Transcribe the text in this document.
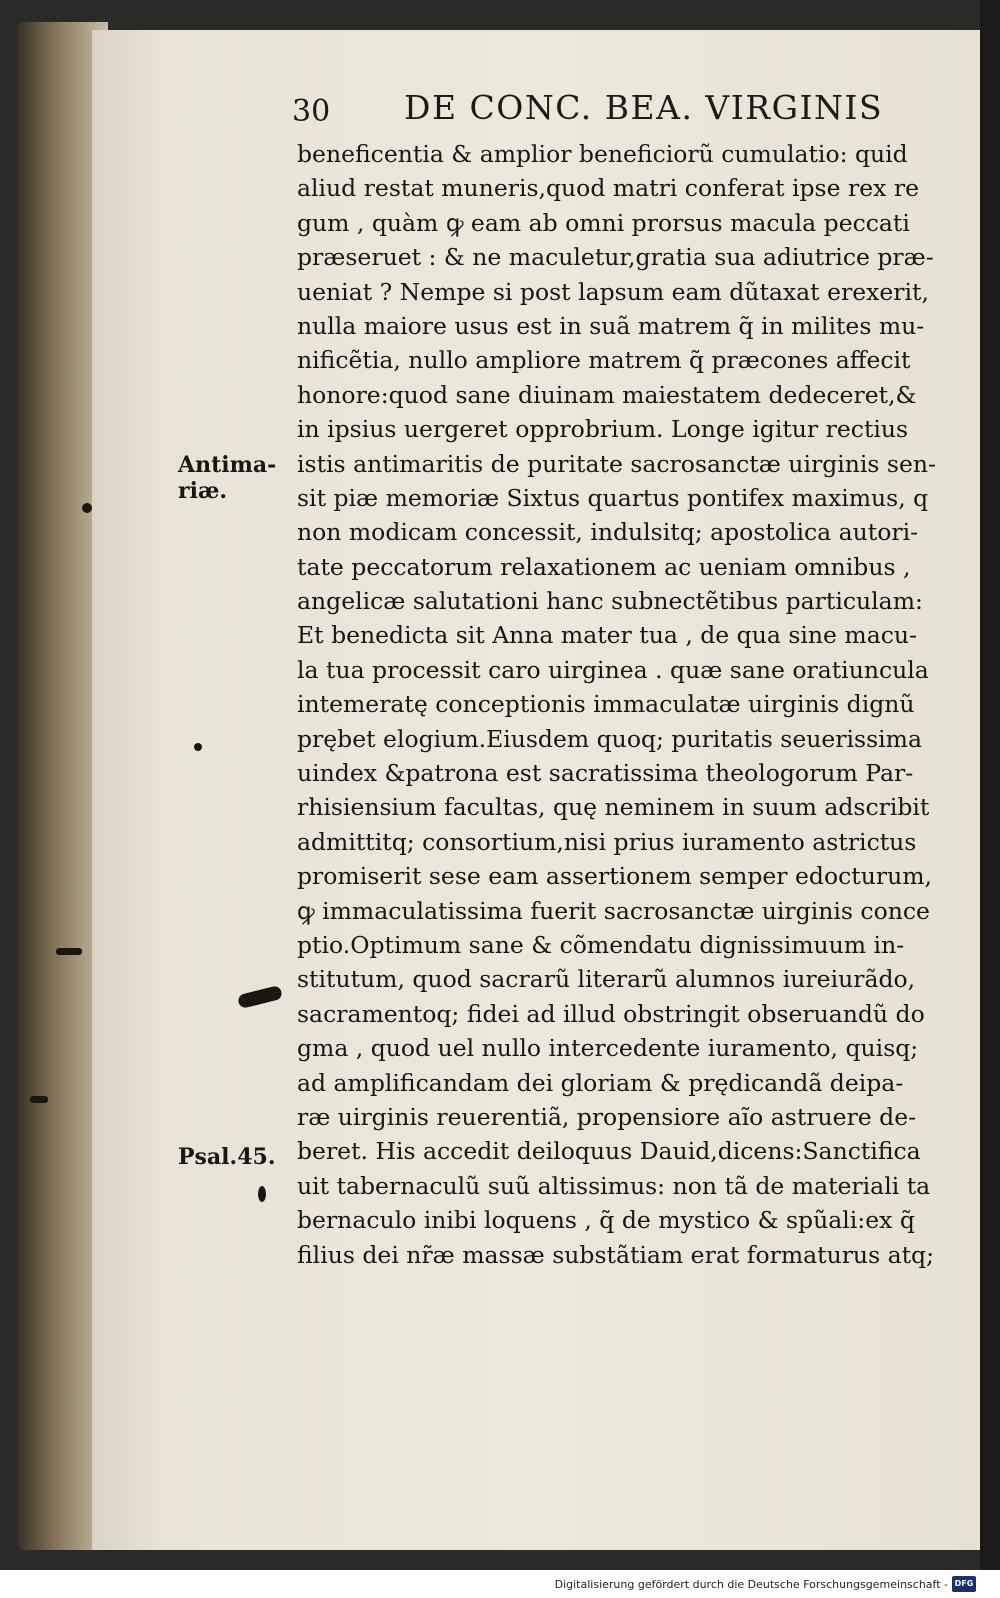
30 DE CONC. BEA. VIRGINIS
Antima-
riæ.
Psal.45.
beneficentia & amplior beneficiorũ cumulatio: quid
aliud restat muneris,quod matri conferat ipse rex re
gum , quàm ꝙ eam ab omni prorsus macula peccati
præseruet : & ne maculetur,gratia sua adiutrice præ-
ueniat ? Nempe si post lapsum eam dũtaxat erexerit,
nulla maiore usus est in suã matrem q̃ in milites mu-
nificẽtia, nullo ampliore matrem q̃ præcones affecit
honore:quod sane diuinam maiestatem dedeceret,&
in ipsius uergeret opprobrium. Longe igitur rectius
istis antimaritis de puritate sacrosanctæ uirginis sen-
sit piæ memoriæ Sixtus quartus pontifex maximus, q
non modicam concessit, indulsitq; apostolica autori-
tate peccatorum relaxationem ac ueniam omnibus ,
angelicæ salutationi hanc subnectẽtibus particulam:
Et benedicta sit Anna mater tua , de qua sine macu-
la tua processit caro uirginea . quæ sane oratiuncula
intemeratę conceptionis immaculatæ uirginis dignũ
prębet elogium.Eiusdem quoq; puritatis seuerissima
uindex &patrona est sacratissima theologorum Par-
rhisiensium facultas, quę neminem in suum adscribit
admittitq; consortium,nisi prius iuramento astrictus
promiserit sese eam assertionem semper edocturum,
ꝙ immaculatissima fuerit sacrosanctæ uirginis conce
ptio.Optimum sane & cõmendatu dignissimuum in-
stitutum, quod sacrarũ literarũ alumnos iureiurãdo,
sacramentoq; fidei ad illud obstringit obseruandũ do
gma , quod uel nullo intercedente iuramento, quisq;
ad amplificandam dei gloriam & prędicandã deipa-
ræ uirginis reuerentiã, propensiore aĩo astruere de-
beret. His accedit deiloquus Dauid,dicens:Sanctifica
uit tabernaculũ suũ altissimus: non tã de materiali ta
bernaculo inibi loquens , q̃ de mystico & spũali:ex q̃
filius dei nr̃æ massæ substãtiam erat formaturus atq;
Digitalisierung gefördert durch die Deutsche Forschungsgemeinschaft - DFG
